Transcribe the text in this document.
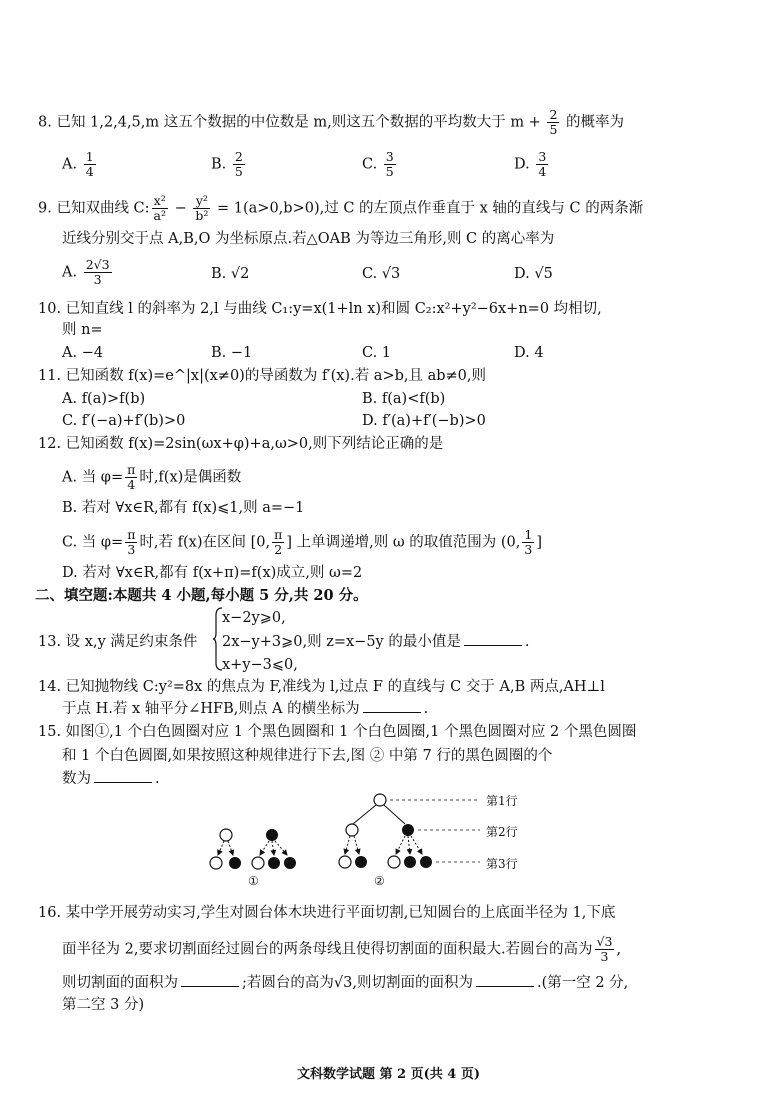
8. 已知 1,2,4,5,m 这五个数据的中位数是 m,则这五个数据的平均数大于 $m + \frac{2}{5}$ 的概率为
A. $\frac{1}{4}$	B. $\frac{2}{5}$	C. $\frac{3}{5}$	D. $\frac{3}{4}$
9. 已知双曲线 C: $\frac{\text{x²}}{\text{a²}} - \frac{\text{y²}}{\text{b²}} = 1(a>0,b>0)$,过 C 的左顶点作垂直于 x 轴的直线与 C 的两条渐
近线分别交于点 A,B,O 为坐标原点.若△OAB 为等边三角形,则 C 的离心率为
A. $\frac{2√3}{3}$	B. √2	C. √3	D. √5
10. 已知直线 l 的斜率为 2,l 与曲线 C₁:y=x(1+ln x)和圆 C₂:x²+y²−6x+n=0 均相切,
则 n=
A. −4	B. −1	C. 1	D. 4
11. 已知函数 f(x)=e^|x|(x≠0)的导函数为 f′(x).若 a>b,且 ab≠0,则
A. f(a)>f(b)	B. f(a)<f(b)
C. f′(−a)+f′(b)>0	D. f′(a)+f′(−b)>0
12. 已知函数 f(x)=2sin(ωx+φ)+a,ω>0,则下列结论正确的是
A. 当 $\varphi= \frac{\pi}{4}$ 时,f(x)是偶函数
B. 若对 ∀x∈R,都有 f(x)⩽1,则 a=−1
C. 当 $\varphi= \frac{\pi}{3}$ 时,若 f(x)在区间 [0, $\frac{\pi}{2}$ ] 上单调递增,则 ω 的取值范围为 (0, $\frac{1}{3}$ ]
D. 若对 ∀x∈R,都有 f(x+π)=f(x)成立,则 ω=2
二、填空题:本题共 4 小题,每小题 5 分,共 20 分。
13. 设 x,y 满足约束条件
x−2y⩾0,
2x−y+3⩾0,则 z=x−5y 的最小值是	.
x+y−3⩽0,
14. 已知抛物线 C:y²=8x 的焦点为 F,准线为 l,过点 F 的直线与 C 交于 A,B 两点,AH⊥l
于点 H.若 x 轴平分∠HFB,则点 A 的横坐标为	.
15. 如图①,1 个白色圆圈对应 1 个黑色圆圈和 1 个白色圆圈,1 个黑色圆圈对应 2 个黑色圆圈
和 1 个白色圆圈,如果按照这种规律进行下去,图 ② 中第 7 行的黑色圆圈的个
数为	.
①	②
第1行
第2行
第3行
16. 某中学开展劳动实习,学生对圆台体木块进行平面切割,已知圆台的上底面半径为 1,下底
面半径为 2,要求切割面经过圆台的两条母线且使得切割面的面积最大.若圆台的高为 $\frac{√3}{3}$ ,
则切割面的面积为	;若圆台的高为√3,则切割面的面积为	.(第一空 2 分,
第二空 3 分)
文科数学试题 第 2 页(共 4 页)
